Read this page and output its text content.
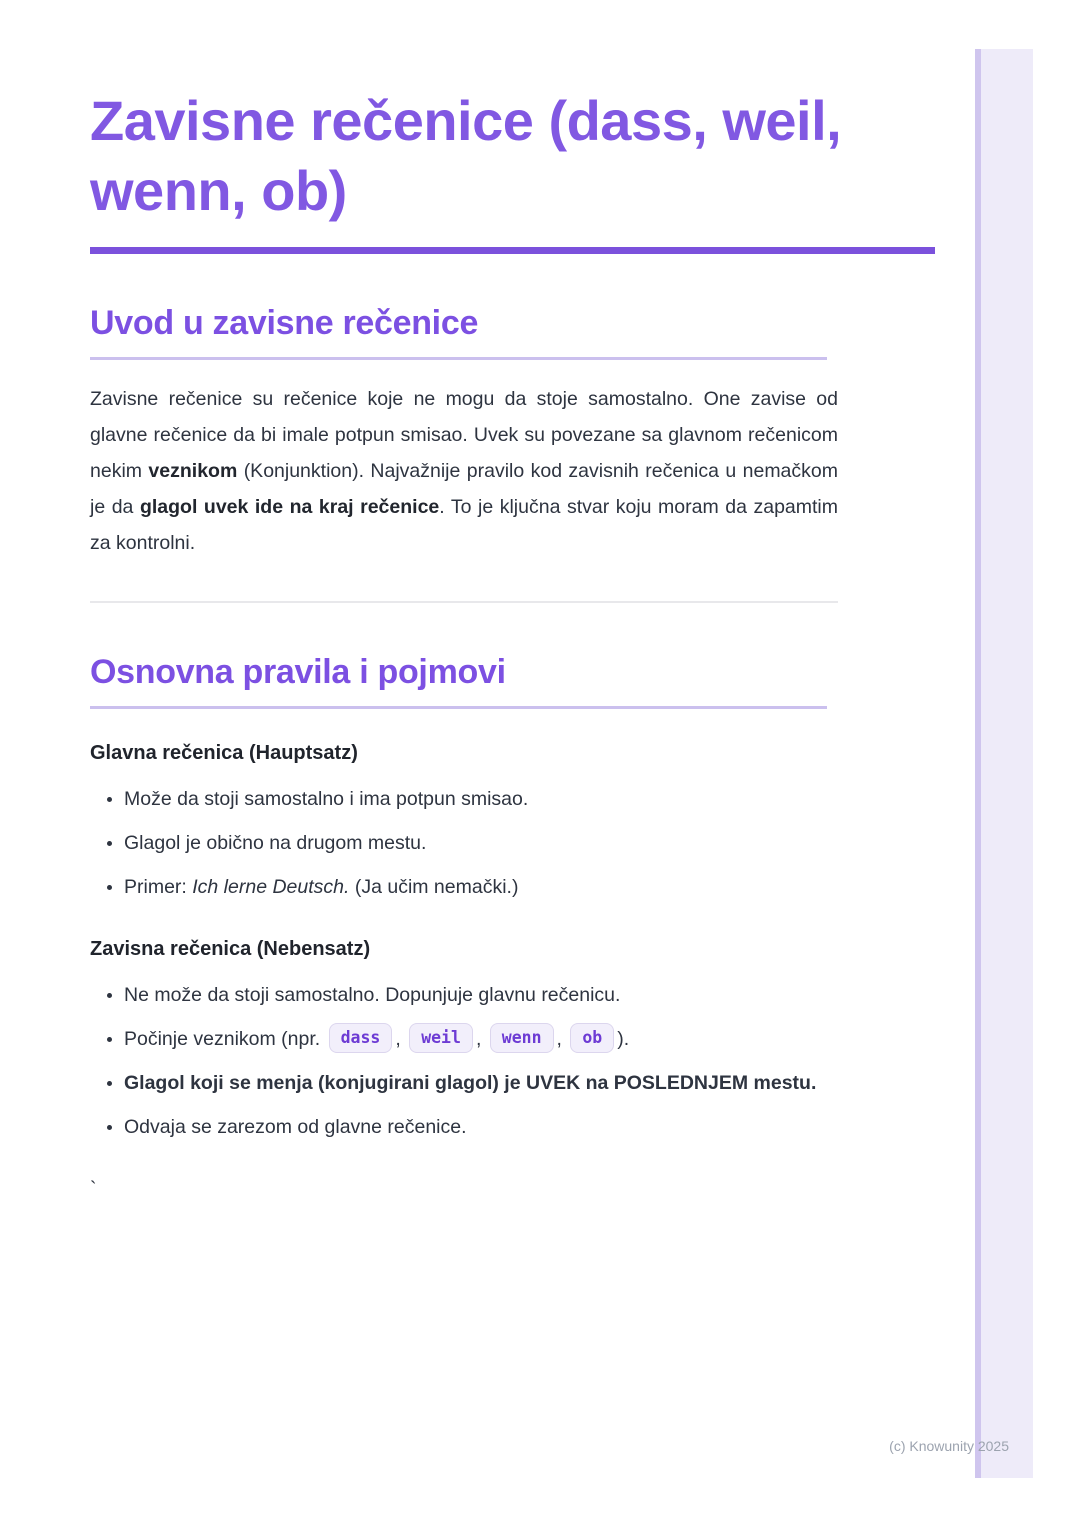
Zavisne rečenice (dass, weil, wenn, ob)
Uvod u zavisne rečenice

Zavisne rečenice su rečenice koje ne mogu da stoje samostalno. One zavise od glavne rečenice da bi imale potpun smisao. Uvek su povezane sa glavnom rečenicom nekim veznikom (Konjunktion). Najvažnije pravilo kod zavisnih rečenica u nemačkom je da glagol uvek ide na kraj rečenice. To je ključna stvar koju moram da zapamtim za kontrolni.

Osnovna pravila i pojmovi
Glavna rečenica (Hauptsatz)
• Može da stoji samostalno i ima potpun smisao.
• Glagol je obično na drugom mestu.
• Primer: Ich lerne Deutsch. (Ja učim nemački.)
Zavisna rečenica (Nebensatz)
• Ne može da stoji samostalno. Dopunjuje glavnu rečenicu.
• Počinje veznikom (npr. dass , weil , wenn , ob ).
• Glagol koji se menja (konjugirani glagol) je UVEK na POSLEDNJEM mestu.
• Odvaja se zarezom od glavne rečenice.

`

(c) Knowunity 2025
